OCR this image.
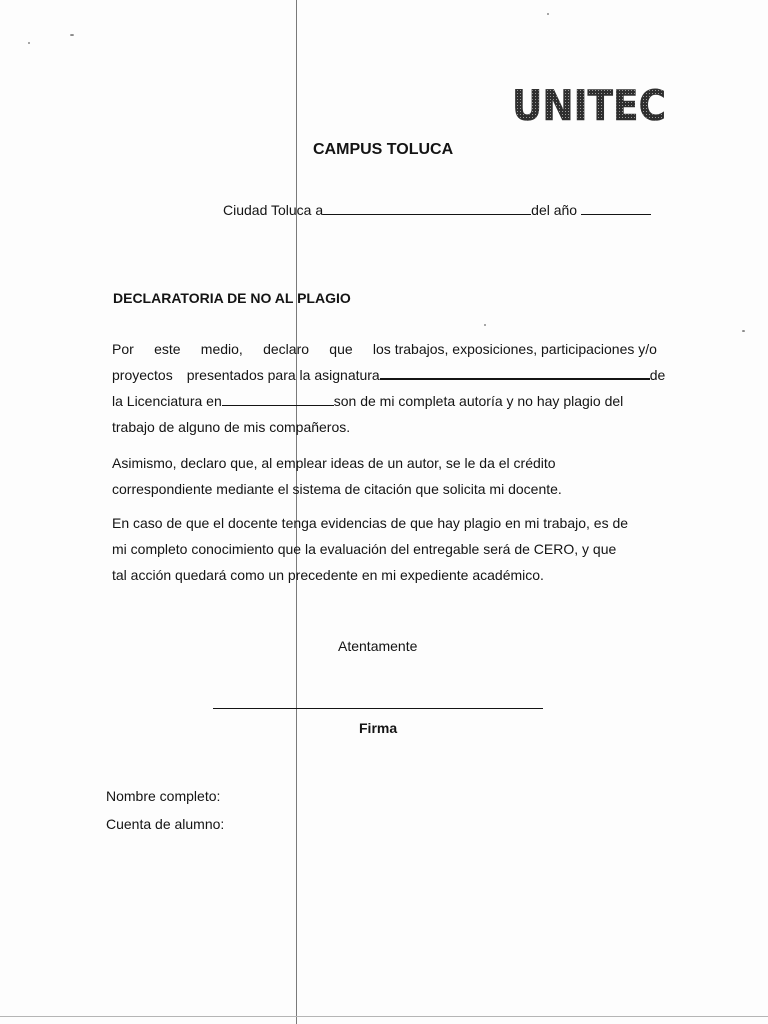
UNITEC
CAMPUS TOLUCA
Ciudad Toluca a	del año
DECLARATORIA DE NO AL PLAGIO
Por este medio, declaro que los trabajos, exposiciones, participaciones y/o
proyectos presentados para la asignatura	de
la Licenciatura en	son de mi completa autoría y no hay plagio del
trabajo de alguno de mis compañeros.
Asimismo, declaro que, al emplear ideas de un autor, se le da el crédito
correspondiente mediante el sistema de citación que solicita mi docente.
En caso de que el docente tenga evidencias de que hay plagio en mi trabajo, es de
mi completo conocimiento que la evaluación del entregable será de CERO, y que
tal acción quedará como un precedente en mi expediente académico.
Atentamente
Firma
Nombre completo:
Cuenta de alumno:
